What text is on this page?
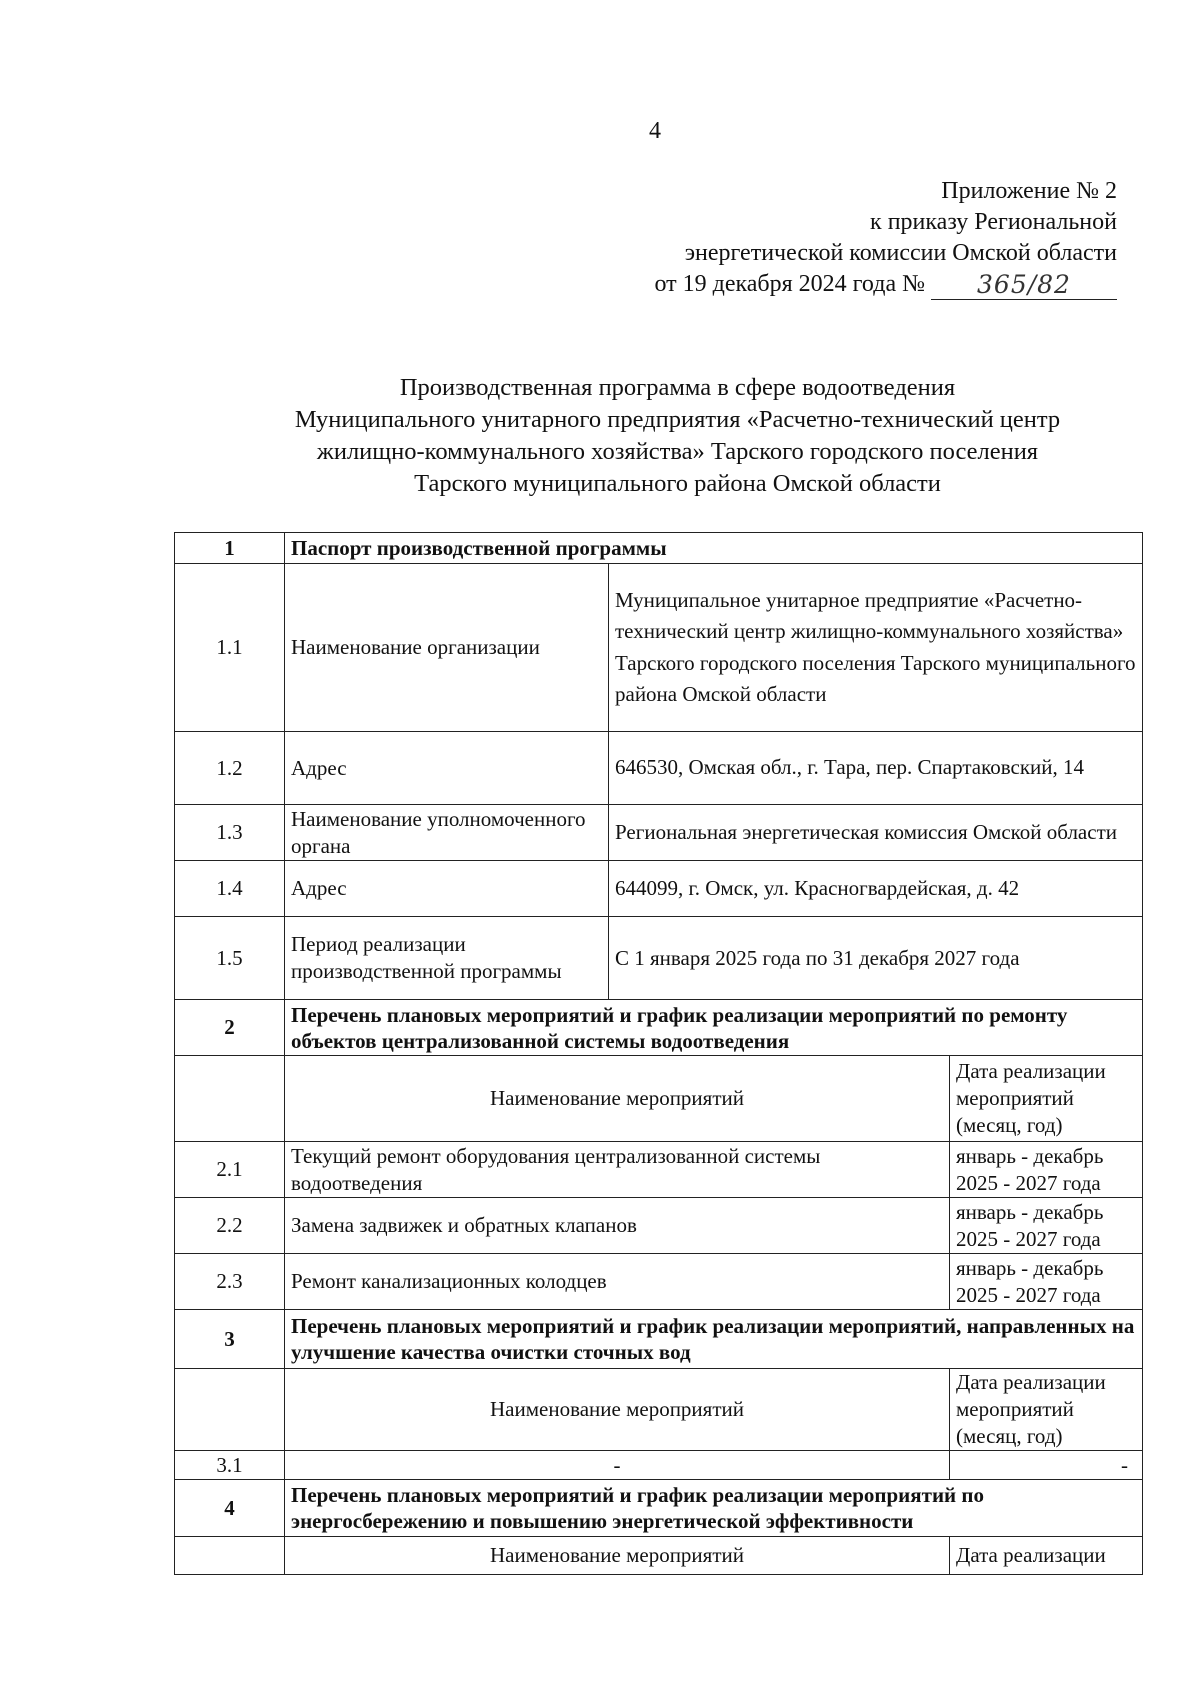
4
Приложение № 2
к приказу Региональной
энергетической комиссии Омской области
от 19 декабря 2024 года №	365/82
Производственная программа в сфере водоотведения
Муниципального унитарного предприятия «Расчетно-технический центр
жилищно-коммунального хозяйства» Тарского городского поселения
Тарского муниципального района Омской области
1	Паспорт производственной программы		
1.1	Наименование организации	Муниципальное унитарное предприятие «Расчетно-технический центр жилищно-коммунального хозяйства» Тарского городского поселения Тарского муниципального района Омской области	
1.2	Адрес	646530, Омская обл., г. Тара, пер. Спартаковский, 14	
1.3	Наименование уполномоченного органа	Региональная энергетическая комиссия Омской области	
1.4	Адрес	644099, г. Омск, ул. Красногвардейская, д. 42	
1.5	Период реализации производственной программы	С 1 января 2025 года по 31 декабря 2027 года	
2	Перечень плановых мероприятий и график реализации мероприятий по ремонту объектов централизованной системы водоотведения		
	Наименование мероприятий		Дата реализации мероприятий (месяц, год)
2.1	Текущий ремонт оборудования централизованной системы водоотведения		январь - декабрь 2025 - 2027 года
2.2	Замена задвижек и обратных клапанов		январь - декабрь 2025 - 2027 года
2.3	Ремонт канализационных колодцев		январь - декабрь 2025 - 2027 года
3	Перечень плановых мероприятий и график реализации мероприятий, направленных на улучшение качества очистки сточных вод		
	Наименование мероприятий		Дата реализации мероприятий (месяц, год)
3.1	-		-
4	Перечень плановых мероприятий и график реализации мероприятий по энергосбережению и повышению энергетической эффективности		
	Наименование мероприятий		Дата реализации
